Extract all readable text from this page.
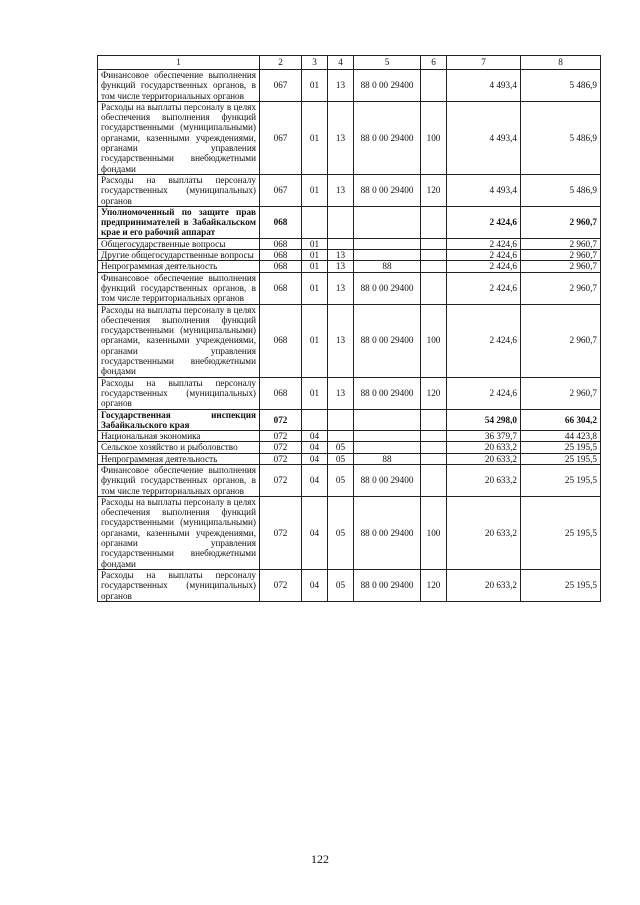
1	2	3	4	5	6	7	8
Финансовое обеспечение выполнения функций государственных органов, в том числе территориальных органов	067	01	13	88 0 00 29400		4 493,4	5 486,9
Расходы на выплаты персоналу в целях обеспечения выполнения функций государственными (муниципальными) органами, казенными учреждениями, органами управления государственными внебюджетными фондами	067	01	13	88 0 00 29400	100	4 493,4	5 486,9
Расходы на выплаты персоналу государственных (муниципальных) органов	067	01	13	88 0 00 29400	120	4 493,4	5 486,9
Уполномоченный по защите прав предпринимателей в Забайкальском крае и его рабочий аппарат	068					2 424,6	2 960,7
Общегосударственные вопросы	068	01				2 424,6	2 960,7
Другие общегосударственные вопросы	068	01	13			2 424,6	2 960,7
Непрограммная деятельность	068	01	13	88		2 424,6	2 960,7
Финансовое обеспечение выполнения функций государственных органов, в том числе территориальных органов	068	01	13	88 0 00 29400		2 424,6	2 960,7
Расходы на выплаты персоналу в целях обеспечения выполнения функций государственными (муниципальными) органами, казенными учреждениями, органами управления государственными внебюджетными фондами	068	01	13	88 0 00 29400	100	2 424,6	2 960,7
Расходы на выплаты персоналу государственных (муниципальных) органов	068	01	13	88 0 00 29400	120	2 424,6	2 960,7
Государственная инспекция Забайкальского края	072					54 298,0	66 304,2
Национальная экономика	072	04				36 379,7	44 423,8
Сельское хозяйство и рыболовство	072	04	05			20 633,2	25 195,5
Непрограммная деятельность	072	04	05	88		20 633,2	25 195,5
Финансовое обеспечение выполнения функций государственных органов, в том числе территориальных органов	072	04	05	88 0 00 29400		20 633,2	25 195,5
Расходы на выплаты персоналу в целях обеспечения выполнения функций государственными (муниципальными) органами, казенными учреждениями, органами управления государственными внебюджетными фондами	072	04	05	88 0 00 29400	100	20 633,2	25 195,5
Расходы на выплаты персоналу государственных (муниципальных) органов	072	04	05	88 0 00 29400	120	20 633,2	25 195,5
122
